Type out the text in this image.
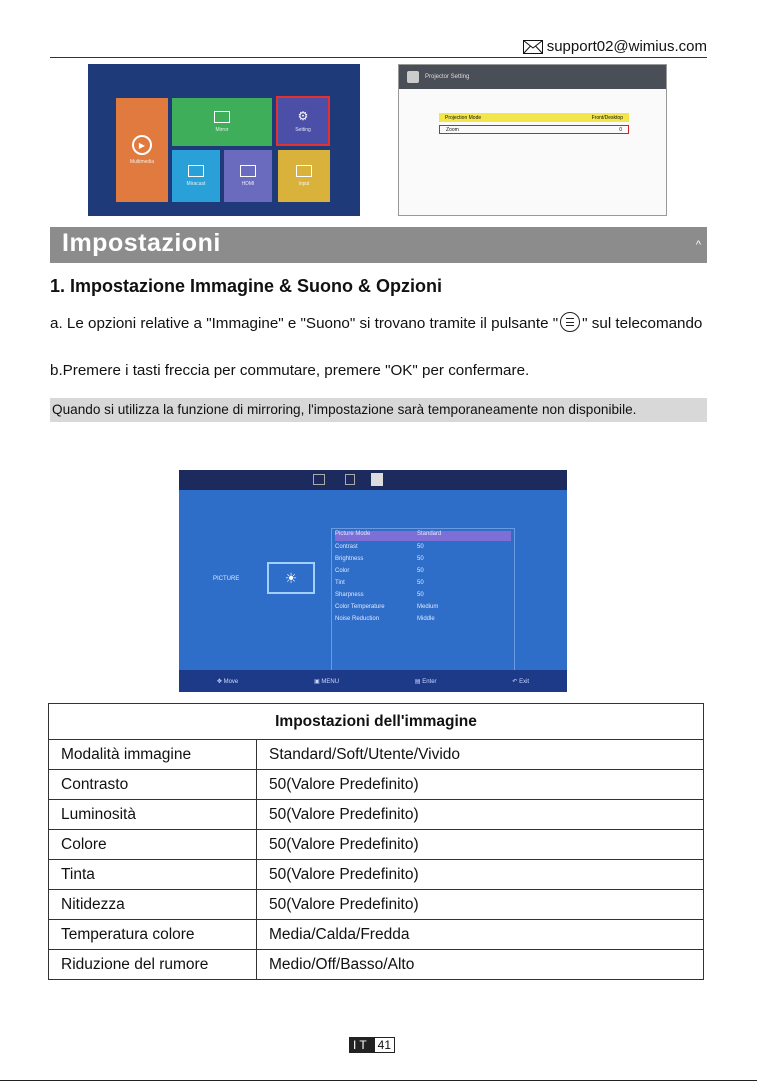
support02@wimius.com
▶
Multimedia
Mirror
⚙
Setting
Miracast	HDMI	Input
Projector Setting
Projection Mode	Front/Desktop
Zoom	0
Impostazioni	^
1. Impostazione Immagine & Suono & Opzioni
a. Le opzioni relative a "Immagine" e "Suono" si trovano tramite il pulsante " " sul telecomando
b.Premere i tasti freccia per commutare, premere "OK" per confermare.
Quando si utilizza la funzione di mirroring, l'impostazione sarà temporaneamente non disponibile.
PICTURE	☀
Picture Mode	Standard
Contrast	50
Brightness	50
Color	50
Tint	50
Sharpness	50
Color Temperature	Medium
Noise Reduction	Middle
✥ Move	▣ MENU	▤ Enter	↶ Exit
Impostazioni dell'immagine	
Modalità immagine	Standard/Soft/Utente/Vivido
Contrasto	50(Valore Predefinito)
Luminosità	50(Valore Predefinito)
Colore	50(Valore Predefinito)
Tinta	50(Valore Predefinito)
Nitidezza	50(Valore Predefinito)
Temperatura colore	Media/Calda/Fredda
Riduzione del rumore	Medio/Off/Basso/Alto
IT 41
